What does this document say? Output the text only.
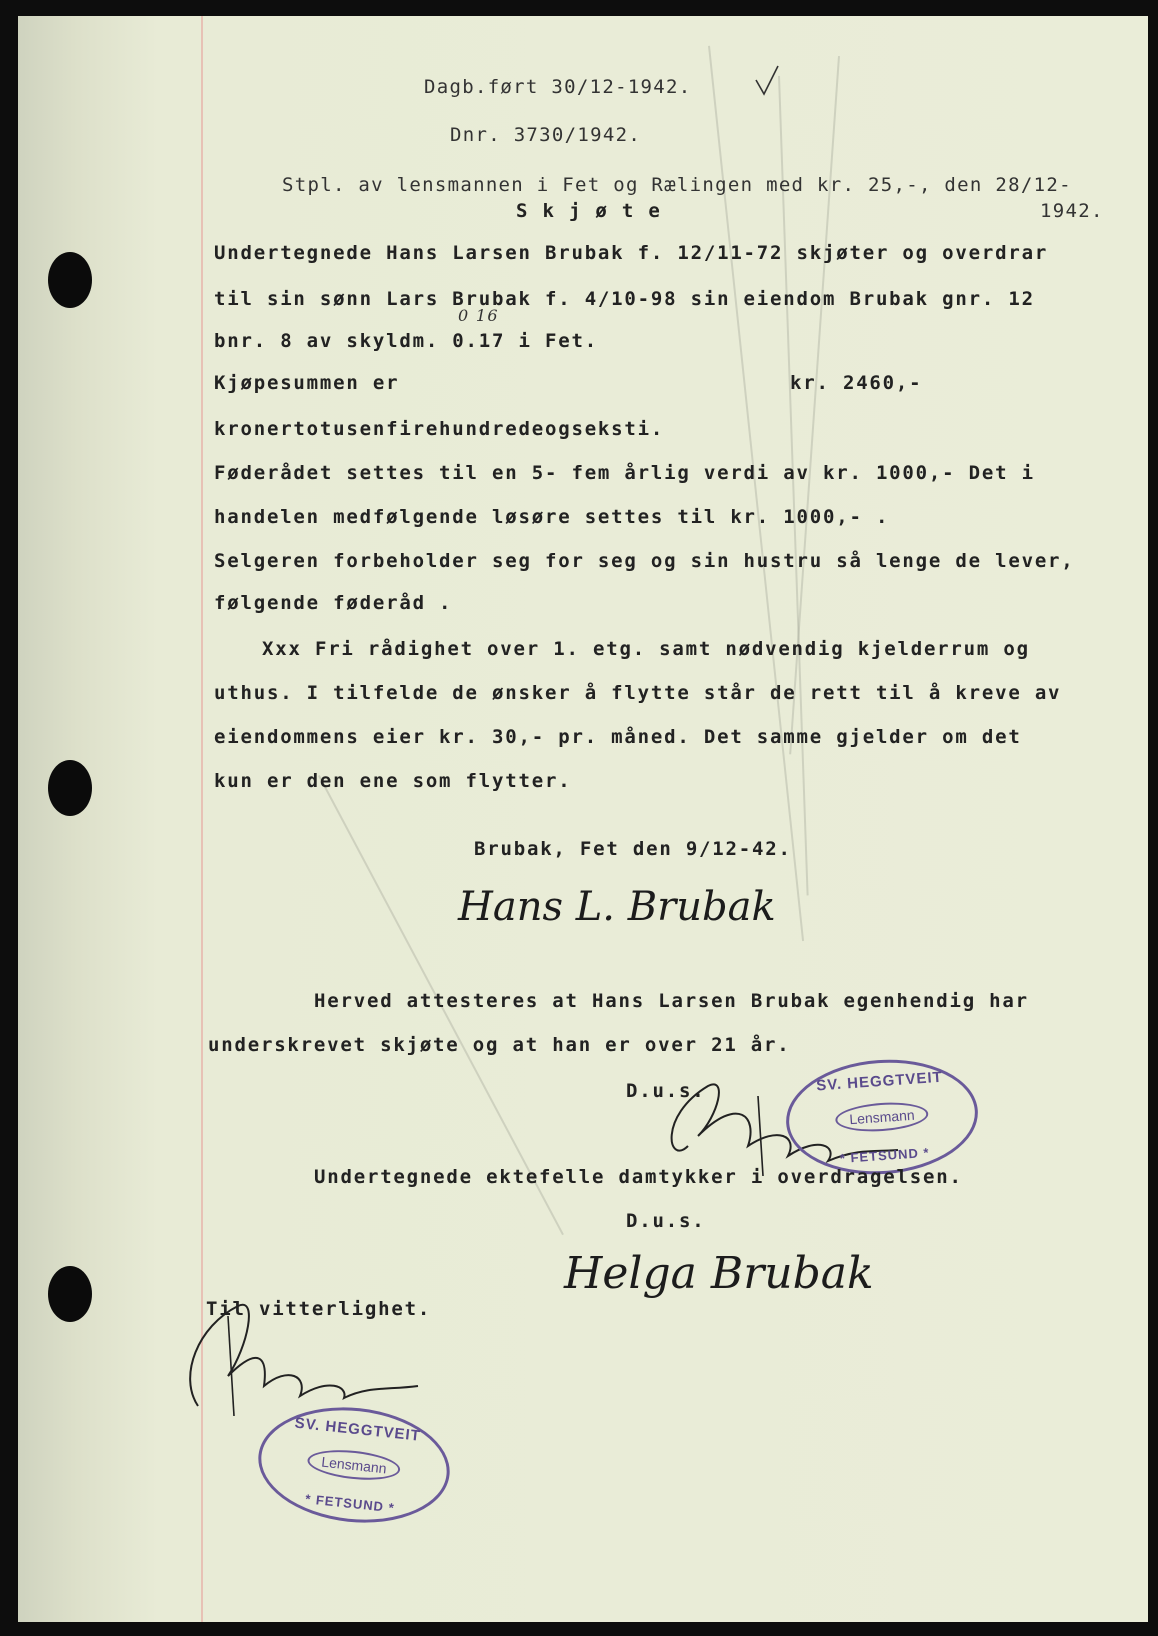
Dagb.ført 30/12-1942.
Dnr. 3730/1942.
Stpl. av lensmannen i Fet og Rælingen med kr. 25,-, den 28/12-
1942.
S k j ø t e
Undertegnede Hans Larsen Brubak f. 12/11-72 skjøter og overdrar
til sin sønn Lars Brubak f. 4/10-98 sin eiendom Brubak gnr. 12
0 16
bnr. 8 av skyldm. 0.17 i Fet.
Kjøpesummen er	kr. 2460,-
kronertotusenfirehundredeogseksti.
Føderådet settes til en 5- fem årlig verdi av kr. 1000,- Det i
handelen medfølgende løsøre settes til kr. 1000,- .
Selgeren forbeholder seg for seg og sin hustru så lenge de lever,
følgende føderåd .
Xxx Fri rådighet over 1. etg. samt nødvendig kjelderrum og
uthus. I tilfelde de ønsker å flytte står de rett til å kreve av
eiendommens eier kr. 30,- pr. måned. Det samme gjelder om det
kun er den ene som flytter.
Brubak, Fet den 9/12-42.
Hans L. Brubak
Herved attesteres at Hans Larsen Brubak egenhendig har
underskrevet skjøte og at han er over 21 år.
D.u.s.	SV. HEGGTVEIT
Lensmann
* FETSUND *
Undertegnede ektefelle damtykker i overdragelsen.
D.u.s.
Helga Brubak
Til vitterlighet.
SV. HEGGTVEIT
Lensmann
* FETSUND *
